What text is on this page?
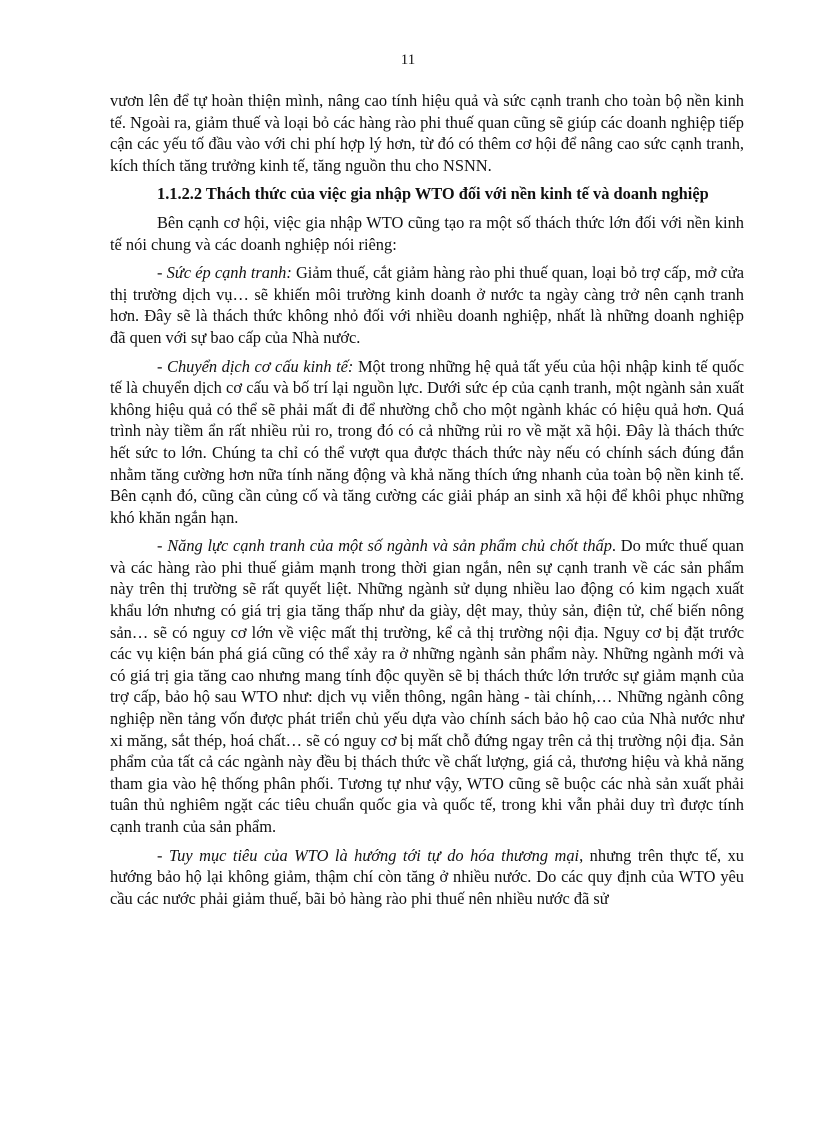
11

vươn lên để tự hoàn thiện mình, nâng cao tính hiệu quả và sức cạnh tranh cho toàn bộ nền kinh tế. Ngoài ra, giảm thuế và loại bỏ các hàng rào phi thuế quan cũng sẽ giúp các doanh nghiệp tiếp cận các yếu tố đầu vào với chi phí hợp lý hơn, từ đó có thêm cơ hội để nâng cao sức cạnh tranh, kích thích tăng trưởng kinh tế, tăng nguồn thu cho NSNN.

1.1.2.2 Thách thức của việc gia nhập WTO đối với nền kinh tế và doanh nghiệp

Bên cạnh cơ hội, việc gia nhập WTO cũng tạo ra một số thách thức lớn đối với nền kinh tế nói chung và các doanh nghiệp nói riêng:

- Sức ép cạnh tranh: Giảm thuế, cắt giảm hàng rào phi thuế quan, loại bỏ trợ cấp, mở cửa thị trường dịch vụ… sẽ khiến môi trường kinh doanh ở nước ta ngày càng trở nên cạnh tranh hơn. Đây sẽ là thách thức không nhỏ đối với nhiều doanh nghiệp, nhất là những doanh nghiệp đã quen với sự bao cấp của Nhà nước.

- Chuyển dịch cơ cấu kinh tế: Một trong những hệ quả tất yếu của hội nhập kinh tế quốc tế là chuyển dịch cơ cấu và bố trí lại nguồn lực. Dưới sức ép của cạnh tranh, một ngành sản xuất không hiệu quả có thể sẽ phải mất đi để nhường chỗ cho một ngành khác có hiệu quả hơn. Quá trình này tiềm ẩn rất nhiều rủi ro, trong đó có cả những rủi ro về mặt xã hội. Đây là thách thức hết sức to lớn. Chúng ta chỉ có thể vượt qua được thách thức này nếu có chính sách đúng đắn nhằm tăng cường hơn nữa tính năng động và khả năng thích ứng nhanh của toàn bộ nền kinh tế. Bên cạnh đó, cũng cần củng cố và tăng cường các giải pháp an sinh xã hội để khôi phục những khó khăn ngắn hạn.

- Năng lực cạnh tranh của một số ngành và sản phẩm chủ chốt thấp. Do mức thuế quan và các hàng rào phi thuế giảm mạnh trong thời gian ngắn, nên sự cạnh tranh về các sản phẩm này trên thị trường sẽ rất quyết liệt. Những ngành sử dụng nhiều lao động có kim ngạch xuất khẩu lớn nhưng có giá trị gia tăng thấp như da giày, dệt may, thủy sản, điện tử, chế biến nông sản… sẽ có nguy cơ lớn về việc mất thị trường, kể cả thị trường nội địa. Nguy cơ bị đặt trước các vụ kiện bán phá giá cũng có thể xảy ra ở những ngành sản phẩm này. Những ngành mới và có giá trị gia tăng cao nhưng mang tính độc quyền sẽ bị thách thức lớn trước sự giảm mạnh của trợ cấp, bảo hộ sau WTO như: dịch vụ viễn thông, ngân hàng - tài chính,… Những ngành công nghiệp nền tảng vốn được phát triển chủ yếu dựa vào chính sách bảo hộ cao của Nhà nước như xi măng, sắt thép, hoá chất… sẽ có nguy cơ bị mất chỗ đứng ngay trên cả thị trường nội địa. Sản phẩm của tất cả các ngành này đều bị thách thức về chất lượng, giá cả, thương hiệu và khả năng tham gia vào hệ thống phân phối. Tương tự như vậy, WTO cũng sẽ buộc các nhà sản xuất phải tuân thủ nghiêm ngặt các tiêu chuẩn quốc gia và quốc tế, trong khi vẫn phải duy trì được tính cạnh tranh của sản phẩm.

- Tuy mục tiêu của WTO là hướng tới tự do hóa thương mại, nhưng trên thực tế, xu hướng bảo hộ lại không giảm, thậm chí còn tăng ở nhiều nước. Do các quy định của WTO yêu cầu các nước phải giảm thuế, bãi bỏ hàng rào phi thuế nên nhiều nước đã sử
